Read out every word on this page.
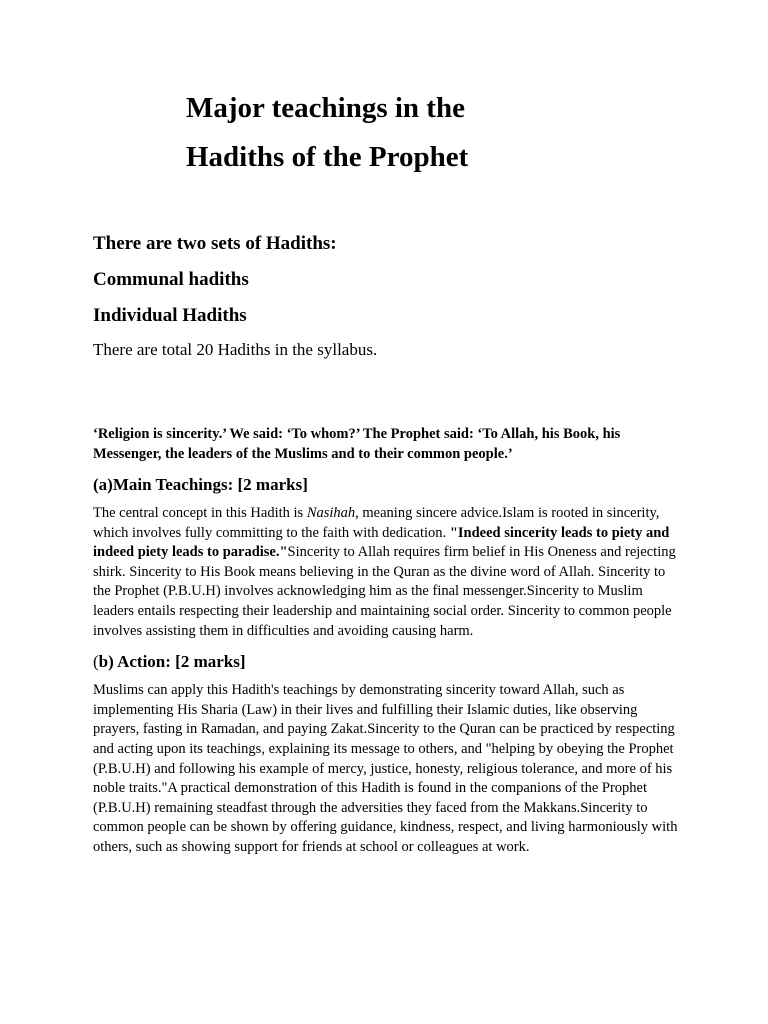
Major teachings in the

Hadiths of the Prophet

There are two sets of Hadiths:

Communal hadiths

Individual Hadiths

There are total 20 Hadiths in the syllabus.

‘Religion is sincerity.’ We said: ‘To whom?’ The Prophet said: ‘To Allah, his Book, his Messenger, the leaders of the Muslims and to their common people.’

(a)Main Teachings: [2 marks]

The central concept in this Hadith is Nasihah, meaning sincere advice.Islam is rooted in sincerity, which involves fully committing to the faith with dedication. "Indeed sincerity leads to piety and indeed piety leads to paradise."Sincerity to Allah requires firm belief in His Oneness and rejecting shirk. Sincerity to His Book means believing in the Quran as the divine word of Allah. Sincerity to the Prophet (P.B.U.H) involves acknowledging him as the final messenger.Sincerity to Muslim leaders entails respecting their leadership and maintaining social order. Sincerity to common people involves assisting them in difficulties and avoiding causing harm.

(b) Action: [2 marks]

Muslims can apply this Hadith's teachings by demonstrating sincerity toward Allah, such as implementing His Sharia (Law) in their lives and fulfilling their Islamic duties, like observing prayers, fasting in Ramadan, and paying Zakat.Sincerity to the Quran can be practiced by respecting and acting upon its teachings, explaining its message to others, and "helping by obeying the Prophet (P.B.U.H) and following his example of mercy, justice, honesty, religious tolerance, and more of his noble traits."A practical demonstration of this Hadith is found in the companions of the Prophet (P.B.U.H) remaining steadfast through the adversities they faced from the Makkans.Sincerity to common people can be shown by offering guidance, kindness, respect, and living harmoniously with others, such as showing support for friends at school or colleagues at work.
